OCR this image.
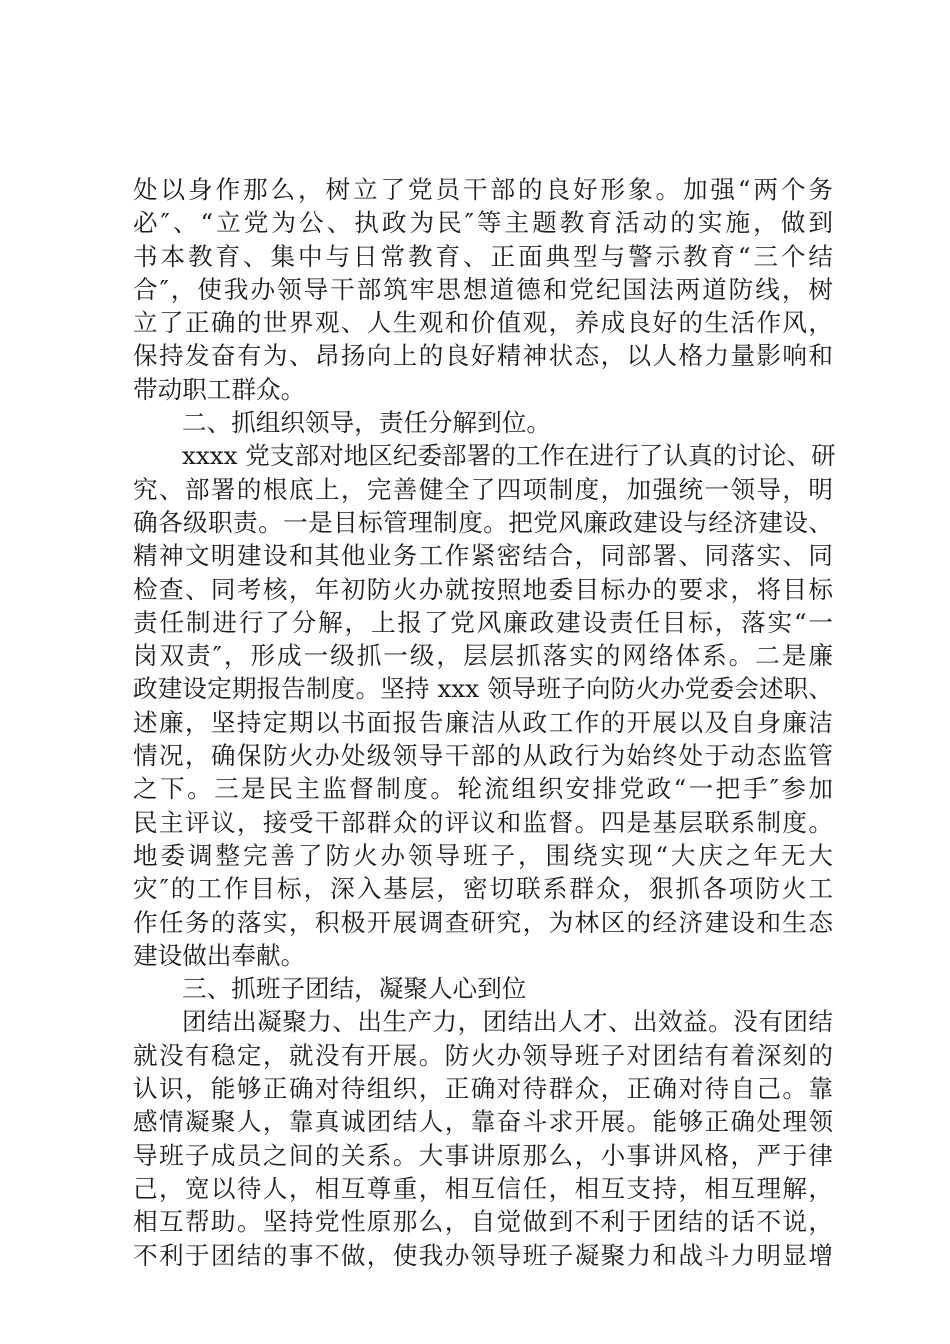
处以身作那么，树立了党员干部的良好形象。加强“两个务
必″、“立党为公、执政为民″等主题教育活动的实施，做到
书本教育、集中与日常教育、正面典型与警示教育“三个结
合″，使我办领导干部筑牢思想道德和党纪国法两道防线，树
立了正确的世界观、人生观和价值观，养成良好的生活作风，
保持发奋有为、昂扬向上的良好精神状态，以人格力量影响和
带动职工群众。
二、抓组织领导，责任分解到位。
xxxx 党支部对地区纪委部署的工作在进行了认真的讨论、研
究、部署的根底上，完善健全了四项制度，加强统一领导，明
确各级职责。一是目标管理制度。把党风廉政建设与经济建设、
精神文明建设和其他业务工作紧密结合，同部署、同落实、同
检查、同考核，年初防火办就按照地委目标办的要求，将目标
责任制进行了分解，上报了党风廉政建设责任目标，落实“一
岗双责″，形成一级抓一级，层层抓落实的网络体系。二是廉
政建设定期报告制度。坚持 xxx 领导班子向防火办党委会述职、
述廉，坚持定期以书面报告廉洁从政工作的开展以及自身廉洁
情况，确保防火办处级领导干部的从政行为始终处于动态监管
之下。三是民主监督制度。轮流组织安排党政“一把手″参加
民主评议，接受干部群众的评议和监督。四是基层联系制度。
地委调整完善了防火办领导班子，围绕实现“大庆之年无大
灾″的工作目标，深入基层，密切联系群众，狠抓各项防火工
作任务的落实，积极开展调查研究，为林区的经济建设和生态
建设做出奉献。
三、抓班子团结，凝聚人心到位
团结出凝聚力、出生产力，团结出人才、出效益。没有团结
就没有稳定，就没有开展。防火办领导班子对团结有着深刻的
认识，能够正确对待组织，正确对待群众，正确对待自己。靠
感情凝聚人，靠真诚团结人，靠奋斗求开展。能够正确处理领
导班子成员之间的关系。大事讲原那么，小事讲风格，严于律
己，宽以待人，相互尊重，相互信任，相互支持，相互理解，
相互帮助。坚持党性原那么，自觉做到不利于团结的话不说，
不利于团结的事不做，使我办领导班子凝聚力和战斗力明显增
